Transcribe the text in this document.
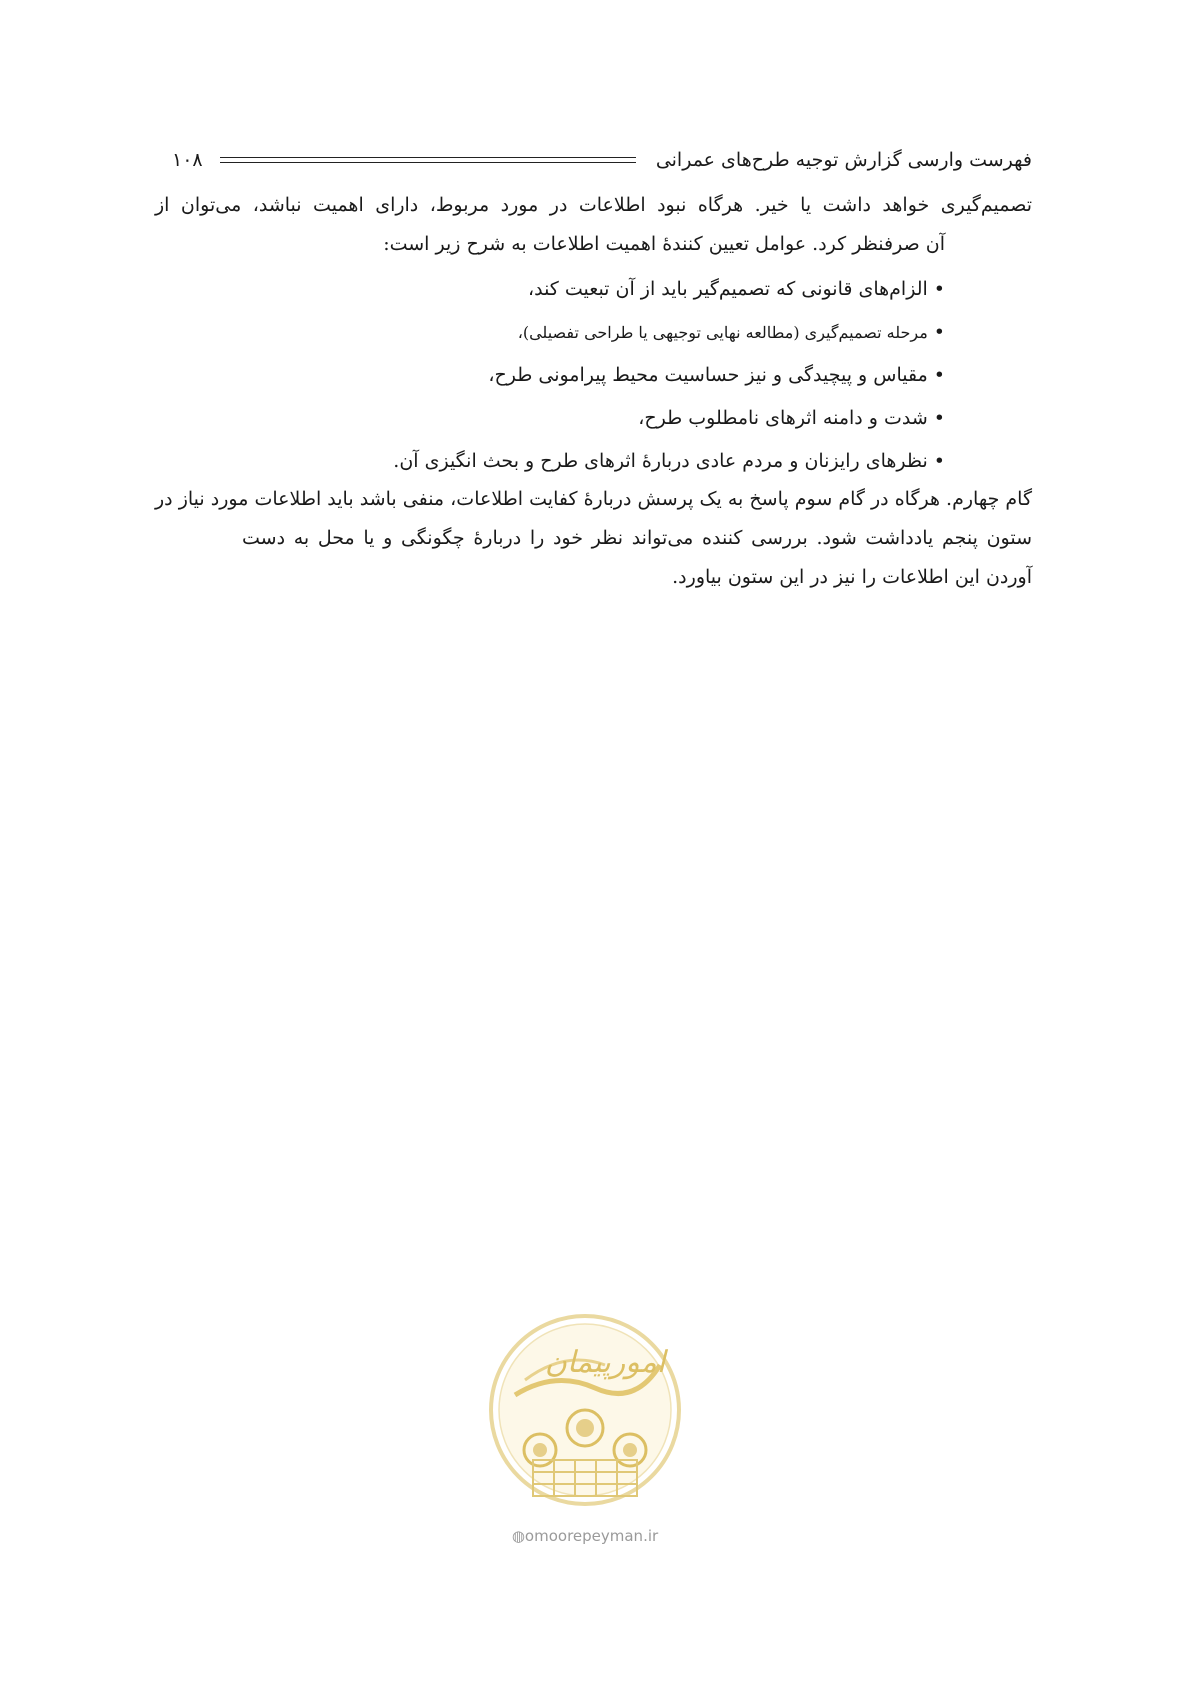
۱۰۸	فهرست وارسی گزارش توجیه طرح‌های عمرانی
تصمیم‌گیری خواهد داشت یا خیر. هرگاه نبود اطلاعات در مورد مربوط، دارای اهمیت نباشد، می‌توان از
آن صرفنظر کرد. عوامل تعیین کنندهٔ اهمیت اطلاعات به شرح زیر است:
•الزام‌های قانونی که تصمیم‌گیر باید از آن تبعیت کند،
•مرحله تصمیم‌گیری (مطالعه نهایی توجیهی یا طراحی تفصیلی)،
•مقیاس و پیچیدگی و نیز حساسیت محیط پیرامونی طرح،
•شدت و دامنه اثرهای نامطلوب طرح،
•نظرهای رایزنان و مردم عادی دربارهٔ اثرهای طرح و بحث انگیزی آن.
گام چهارم. هرگاه در گام سوم پاسخ به یک پرسش دربارهٔ کفایت اطلاعات، منفی باشد باید اطلاعات مورد نیاز در
ستون پنجم یادداشت شود. بررسی کننده می‌تواند نظر خود را دربارهٔ چگونگی و یا محل به دست
آوردن این اطلاعات را نیز در این ستون بیاورد.
امورپیمان
◍omoorepeyman.ir
